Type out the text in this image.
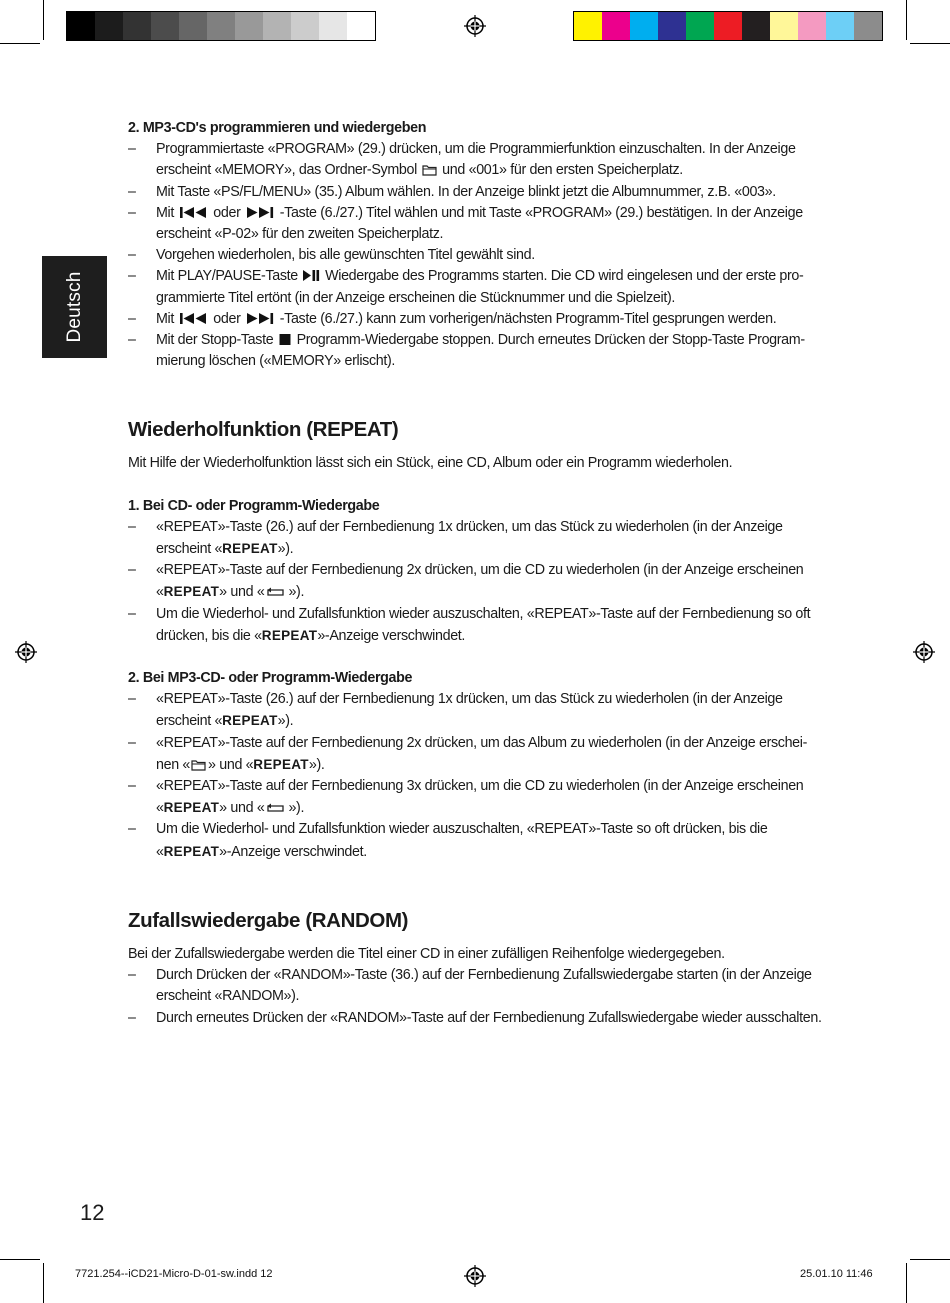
Deutsch

2. MP3-CD's programmieren und wiedergeben

– Programmiertaste «PROGRAM» (29.) drücken, um die Programmierfunktion einzuschalten. In der Anzeige
erscheint «MEMORY», das Ordner-Symbol und «001» für den ersten Speicherplatz.
– Mit Taste «PS/FL/MENU» (35.) Album wählen. In der Anzeige blinkt jetzt die Albumnummer, z.B. «003».
– Mit	oder	-Taste (6./27.) Titel wählen und mit Taste «PROGRAM» (29.) bestätigen. In der Anzeige
erscheint «P-02» für den zweiten Speicherplatz.
– Vorgehen wiederholen, bis alle gewünschten Titel gewählt sind.
– Mit PLAY/PAUSE-Taste Wiedergabe des Programms starten. Die CD wird eingelesen und der erste pro-
grammierte Titel ertönt (in der Anzeige erscheinen die Stücknummer und die Spielzeit).
– Mit	oder	-Taste (6./27.) kann zum vorherigen/nächsten Programm-Titel gesprungen werden.
– Mit der Stopp-Taste Programm-Wiedergabe stoppen. Durch erneutes Drücken der Stopp-Taste Program-
mierung löschen («MEMORY» erlischt).

Wiederholfunktion (REPEAT)

Mit Hilfe der Wiederholfunktion lässt sich ein Stück, eine CD, Album oder ein Programm wiederholen.

1. Bei CD- oder Programm-Wiedergabe

– «REPEAT»-Taste (26.) auf der Fernbedienung 1x drücken, um das Stück zu wiederholen (in der Anzeige
erscheint «REPEAT»).
– «REPEAT»-Taste auf der Fernbedienung 2x drücken, um die CD zu wiederholen (in der Anzeige erscheinen
«REPEAT» und « »).
– Um die Wiederhol- und Zufallsfunktion wieder auszuschalten, «REPEAT»-Taste auf der Fernbedienung so oft
drücken, bis die «REPEAT»-Anzeige verschwindet.

2. Bei MP3-CD- oder Programm-Wiedergabe

– «REPEAT»-Taste (26.) auf der Fernbedienung 1x drücken, um das Stück zu wiederholen (in der Anzeige
erscheint «REPEAT»).
– «REPEAT»-Taste auf der Fernbedienung 2x drücken, um das Album zu wiederholen (in der Anzeige erschei-
nen « » und «REPEAT»).
– «REPEAT»-Taste auf der Fernbedienung 3x drücken, um die CD zu wiederholen (in der Anzeige erscheinen
«REPEAT» und « »).
– Um die Wiederhol- und Zufallsfunktion wieder auszuschalten, «REPEAT»-Taste so oft drücken, bis die
«REPEAT»-Anzeige verschwindet.

Zufallswiedergabe (RANDOM)

Bei der Zufallswiedergabe werden die Titel einer CD in einer zufälligen Reihenfolge wiedergegeben.

– Durch Drücken der «RANDOM»-Taste (36.) auf der Fernbedienung Zufallswiedergabe starten (in der Anzeige
erscheint «RANDOM»).
– Durch erneutes Drücken der «RANDOM»-Taste auf der Fernbedienung Zufallswiedergabe wieder ausschalten.
12
7721.254--iCD21-Micro-D-01-sw.indd 12	25.01.10 11:46
